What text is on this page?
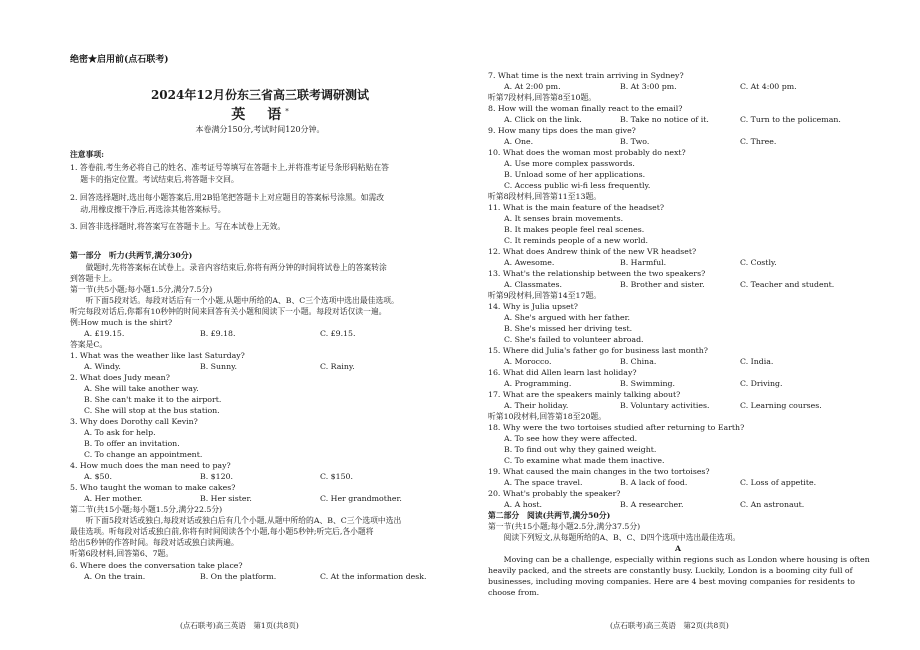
绝密★启用前(点石联考)
2024年12月份东三省高三联考调研测试
英　语*
本卷满分150分,考试时间120分钟。
注意事项:
1. 答卷前,考生务必将自己的姓名、准考证号等填写在答题卡上,并将准考证号条形码粘贴在答
　 题卡的指定位置。考试结束后,将答题卡交回。
2. 回答选择题时,选出每小题答案后,用2B铅笔把答题卡上对应题目的答案标号涂黑。如需改
　 动,用橡皮擦干净后,再选涂其他答案标号。
3. 回答非选择题时,将答案写在答题卡上。写在本试卷上无效。
第一部分　听力(共两节,满分30分)
　　做题时,先将答案标在试卷上。录音内容结束后,你将有两分钟的时间将试卷上的答案转涂
到答题卡上。
第一节(共5小题;每小题1.5分,满分7.5分)
　　听下面5段对话。每段对话后有一个小题,从题中所给的A、B、C三个选项中选出最佳选项。
听完每段对话后,你都有10秒钟的时间来回答有关小题和阅读下一小题。每段对话仅读一遍。
例:How much is the shirt?
A. £19.15.	B. £9.18.	C. £9.15.
答案是C。
1. What was the weather like last Saturday?
A. Windy.	B. Sunny.	C. Rainy.
2. What does Judy mean?
A. She will take another way.
B. She can't make it to the airport.
C. She will stop at the bus station.
3. Why does Dorothy call Kevin?
A. To ask for help.
B. To offer an invitation.
C. To change an appointment.
4. How much does the man need to pay?
A. $50.	B. $120.	C. $150.
5. Who taught the woman to make cakes?
A. Her mother.	B. Her sister.	C. Her grandmother.
第二节(共15小题;每小题1.5分,满分22.5分)
　　听下面5段对话或独白,每段对话或独白后有几个小题,从题中所给的A、B、C三个选项中选出
最佳选项。听每段对话或独白前,你将有时间阅读各个小题,每小题5秒钟;听完后,各小题将
给出5秒钟的作答时间。每段对话或独白读两遍。
听第6段材料,回答第6、7题。
6. Where does the conversation take place?
A. On the train.	B. On the platform.	C. At the information desk.
(点石联考)高三英语　第1页(共8页)
7. What time is the next train arriving in Sydney?
A. At 2:00 pm.	B. At 3:00 pm.	C. At 4:00 pm.
听第7段材料,回答第8至10题。
8. How will the woman finally react to the email?
A. Click on the link.	B. Take no notice of it.	C. Turn to the policeman.
9. How many tips does the man give?
A. One.	B. Two.	C. Three.
10. What does the woman most probably do next?
A. Use more complex passwords.
B. Unload some of her applications.
C. Access public wi-fi less frequently.
听第8段材料,回答第11至13题。
11. What is the main feature of the headset?
A. It senses brain movements.
B. It makes people feel real scenes.
C. It reminds people of a new world.
12. What does Andrew think of the new VR headset?
A. Awesome.	B. Harmful.	C. Costly.
13. What's the relationship between the two speakers?
A. Classmates.	B. Brother and sister.	C. Teacher and student.
听第9段材料,回答第14至17题。
14. Why is Julia upset?
A. She's argued with her father.
B. She's missed her driving test.
C. She's failed to volunteer abroad.
15. Where did Julia's father go for business last month?
A. Morocco.	B. China.	C. India.
16. What did Allen learn last holiday?
A. Programming.	B. Swimming.	C. Driving.
17. What are the speakers mainly talking about?
A. Their holiday.	B. Voluntary activities.	C. Learning courses.
听第10段材料,回答第18至20题。
18. Why were the two tortoises studied after returning to Earth?
A. To see how they were affected.
B. To find out why they gained weight.
C. To examine what made them inactive.
19. What caused the main changes in the two tortoises?
A. The space travel.	B. A lack of food.	C. Loss of appetite.
20. What's probably the speaker?
A. A host.	B. A researcher.	C. An astronaut.
第二部分　阅读(共两节,满分50分)
第一节(共15小题;每小题2.5分,满分37.5分)
　　阅读下列短文,从每题所给的A、B、C、D四个选项中选出最佳选项。
A
　　Moving can be a challenge, especially within regions such as London where housing is often
heavily packed, and the streets are constantly busy. Luckily, London is a booming city full of
businesses, including moving companies. Here are 4 best moving companies for residents to
choose from.
(点石联考)高三英语　第2页(共8页)
